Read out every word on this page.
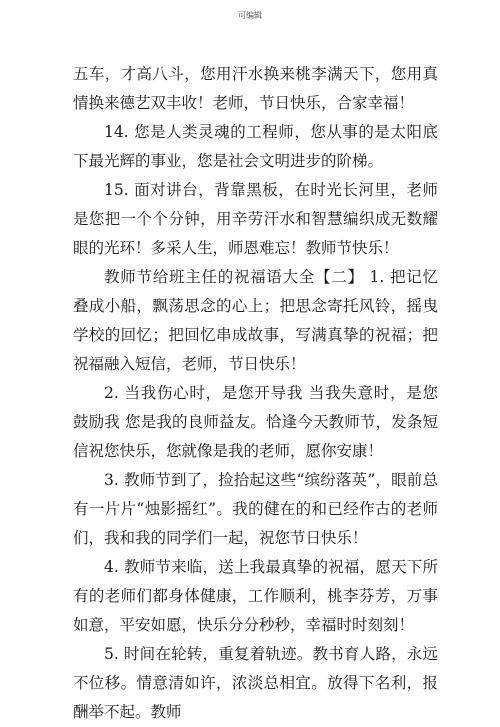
可编辑

五车，才高八斗，您用汗水换来桃李满天下，您用真情换来德艺双丰收！老师，节日快乐，合家幸福！

14. 您是人类灵魂的工程师，您从事的是太阳底下最光辉的事业，您是社会文明进步的阶梯。

15. 面对讲台，背靠黑板，在时光长河里，老师是您把一个个分钟，用辛劳汗水和智慧编织成无数耀眼的光环！多采人生，师恩难忘！教师节快乐！

教师节给班主任的祝福语大全【二】 1. 把记忆叠成小船，飘荡思念的心上；把思念寄托风铃，摇曳学校的回忆；把回忆串成故事，写满真挚的祝福；把祝福融入短信，老师，节日快乐！

2. 当我伤心时，是您开导我 当我失意时，是您鼓励我 您是我的良师益友。恰逢今天教师节，发条短信祝您快乐，您就像是我的老师，愿你安康！

3. 教师节到了，捡拾起这些“缤纷落英”，眼前总有一片片“烛影摇红”。我的健在的和已经作古的老师们，我和我的同学们一起，祝您节日快乐！

4. 教师节来临，送上我最真挚的祝福，愿天下所有的老师们都身体健康，工作顺利，桃李芬芳，万事如意，平安如愿，快乐分分秒秒，幸福时时刻刻！

5. 时间在轮转，重复着轨迹。教书育人路，永远不位移。情意清如许，浓淡总相宜。放得下名利，报酬举不起。教师
